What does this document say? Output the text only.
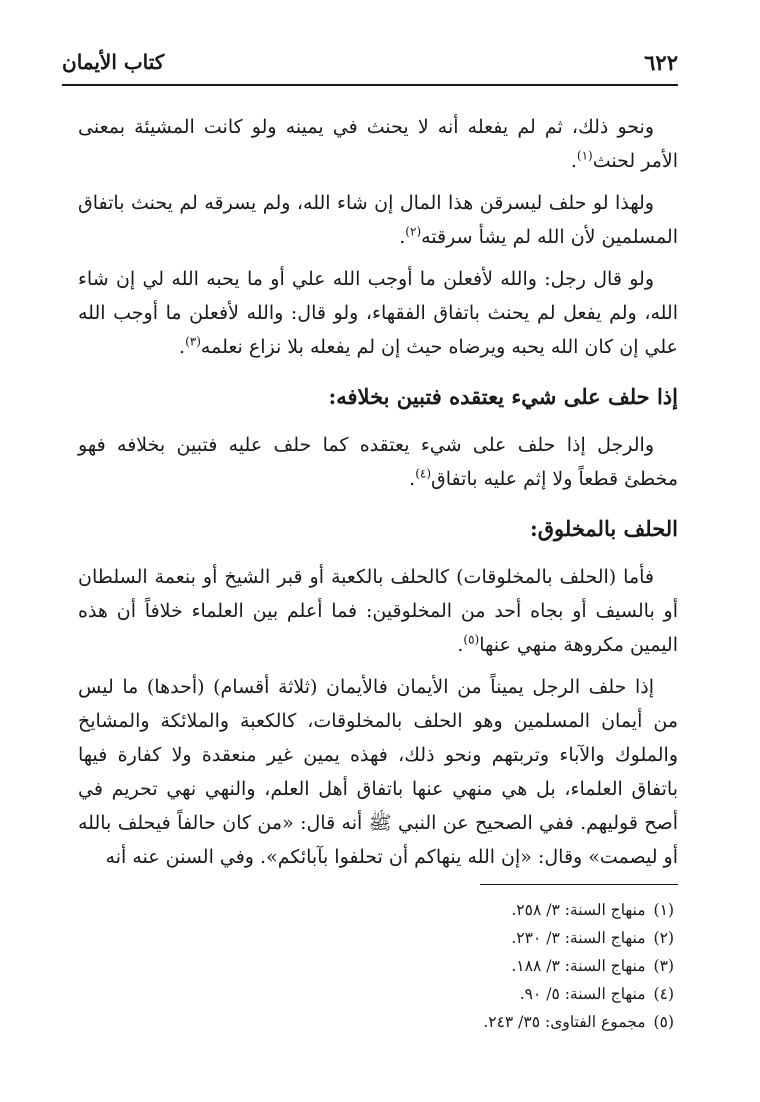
٦٢٢
كتاب الأيمان

ونحو ذلك، ثم لم يفعله أنه لا يحنث في يمينه ولو كانت المشيئة بمعنى الأمر لحنث$^{(١)}$.

ولهذا لو حلف ليسرقن هذا المال إن شاء الله، ولم يسرقه لم يحنث باتفاق المسلمين لأن الله لم يشأ سرقته$^{(٢)}$.

ولو قال رجل: والله لأفعلن ما أوجب الله علي أو ما يحبه الله لي إن شاء الله، ولم يفعل لم يحنث باتفاق الفقهاء، ولو قال: والله لأفعلن ما أوجب الله علي إن كان الله يحبه ويرضاه حيث إن لم يفعله بلا نزاع نعلمه$^{(٣)}$.

إذا حلف على شيء يعتقده فتبين بخلافه:

والرجل إذا حلف على شيء يعتقده كما حلف عليه فتبين بخلافه فهو مخطئ قطعاً ولا إثم عليه باتفاق$^{(٤)}$.

الحلف بالمخلوق:

فأما (الحلف بالمخلوقات) كالحلف بالكعبة أو قبر الشيخ أو بنعمة السلطان أو بالسيف أو بجاه أحد من المخلوقين: فما أعلم بين العلماء خلافاً أن هذه اليمين مكروهة منهي عنها$^{(٥)}$.

إذا حلف الرجل يميناً من الأيمان فالأيمان (ثلاثة أقسام) (أحدها) ما ليس من أيمان المسلمين وهو الحلف بالمخلوقات، كالكعبة والملائكة والمشايخ والملوك والآباء وتربتهم ونحو ذلك، فهذه يمين غير منعقدة ولا كفارة فيها باتفاق العلماء، بل هي منهي عنها باتفاق أهل العلم، والنهي نهي تحريم في أصح قوليهم. ففي الصحيح عن النبي ﷺ أنه قال: «من كان حالفاً فيحلف بالله أو ليصمت» وقال: «إن الله ينهاكم أن تحلفوا بآبائكم». وفي السنن عنه أنه

(١)منهاج السنة: ٣/ ٢٥٨.
(٢)منهاج السنة: ٣/ ٢٣٠.
(٣)منهاج السنة: ٣/ ١٨٨.
(٤)منهاج السنة: ٥/ ٩٠.
(٥)مجموع الفتاوى: ٣٥/ ٢٤٣.
